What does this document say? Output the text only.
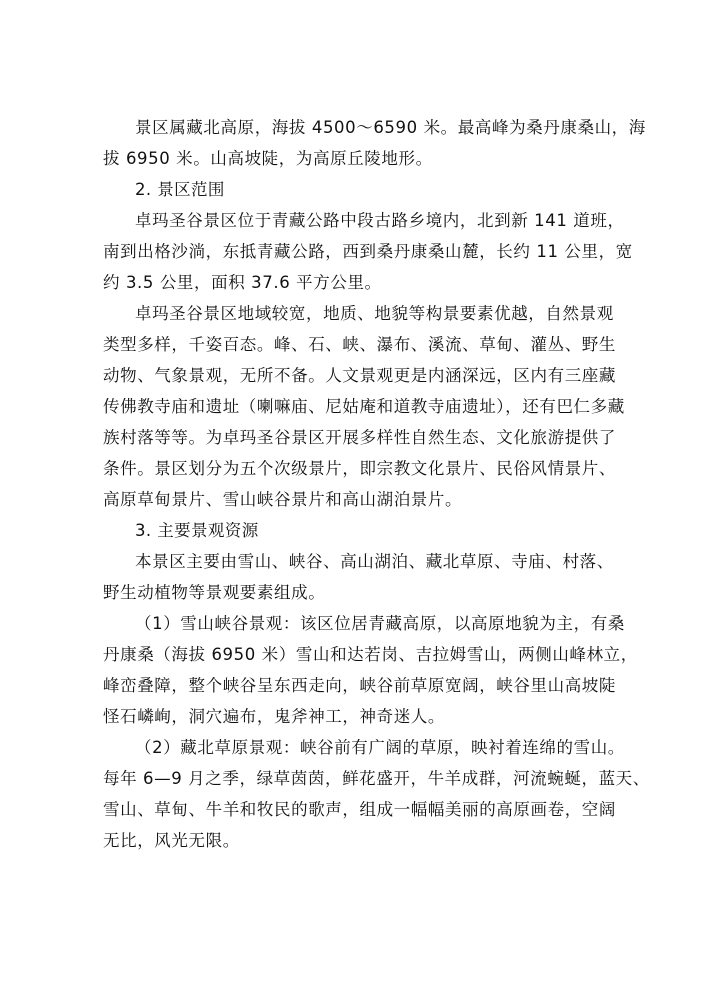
景区属藏北高原，海拔 4500～6590 米。最高峰为桑丹康桑山，海
拔 6950 米。山高坡陡，为高原丘陵地形。
2. 景区范围
卓玛圣谷景区位于青藏公路中段古路乡境内，北到新 141 道班，
南到出格沙淌，东抵青藏公路，西到桑丹康桑山麓，长约 11 公里，宽
约 3.5 公里，面积 37.6 平方公里。
卓玛圣谷景区地域较宽，地质、地貌等构景要素优越，自然景观
类型多样，千姿百态。峰、石、峡、瀑布、溪流、草甸、灌丛、野生
动物、气象景观，无所不备。人文景观更是内涵深远，区内有三座藏
传佛教寺庙和遗址（喇嘛庙、尼姑庵和道教寺庙遗址），还有巴仁多藏
族村落等等。为卓玛圣谷景区开展多样性自然生态、文化旅游提供了
条件。景区划分为五个次级景片，即宗教文化景片、民俗风情景片、
高原草甸景片、雪山峡谷景片和高山湖泊景片。
3. 主要景观资源
本景区主要由雪山、峡谷、高山湖泊、藏北草原、寺庙、村落、
野生动植物等景观要素组成。
（1）雪山峡谷景观：该区位居青藏高原，以高原地貌为主，有桑
丹康桑（海拔 6950 米）雪山和达若岗、吉拉姆雪山，两侧山峰林立，
峰峦叠障，整个峡谷呈东西走向，峡谷前草原宽阔，峡谷里山高坡陡
怪石嶙峋，洞穴遍布，鬼斧神工，神奇迷人。
（2）藏北草原景观：峡谷前有广阔的草原，映衬着连绵的雪山。
每年 6—9 月之季，绿草茵茵，鲜花盛开，牛羊成群，河流蜿蜒，蓝天、
雪山、草甸、牛羊和牧民的歌声，组成一幅幅美丽的高原画卷，空阔
无比，风光无限。
